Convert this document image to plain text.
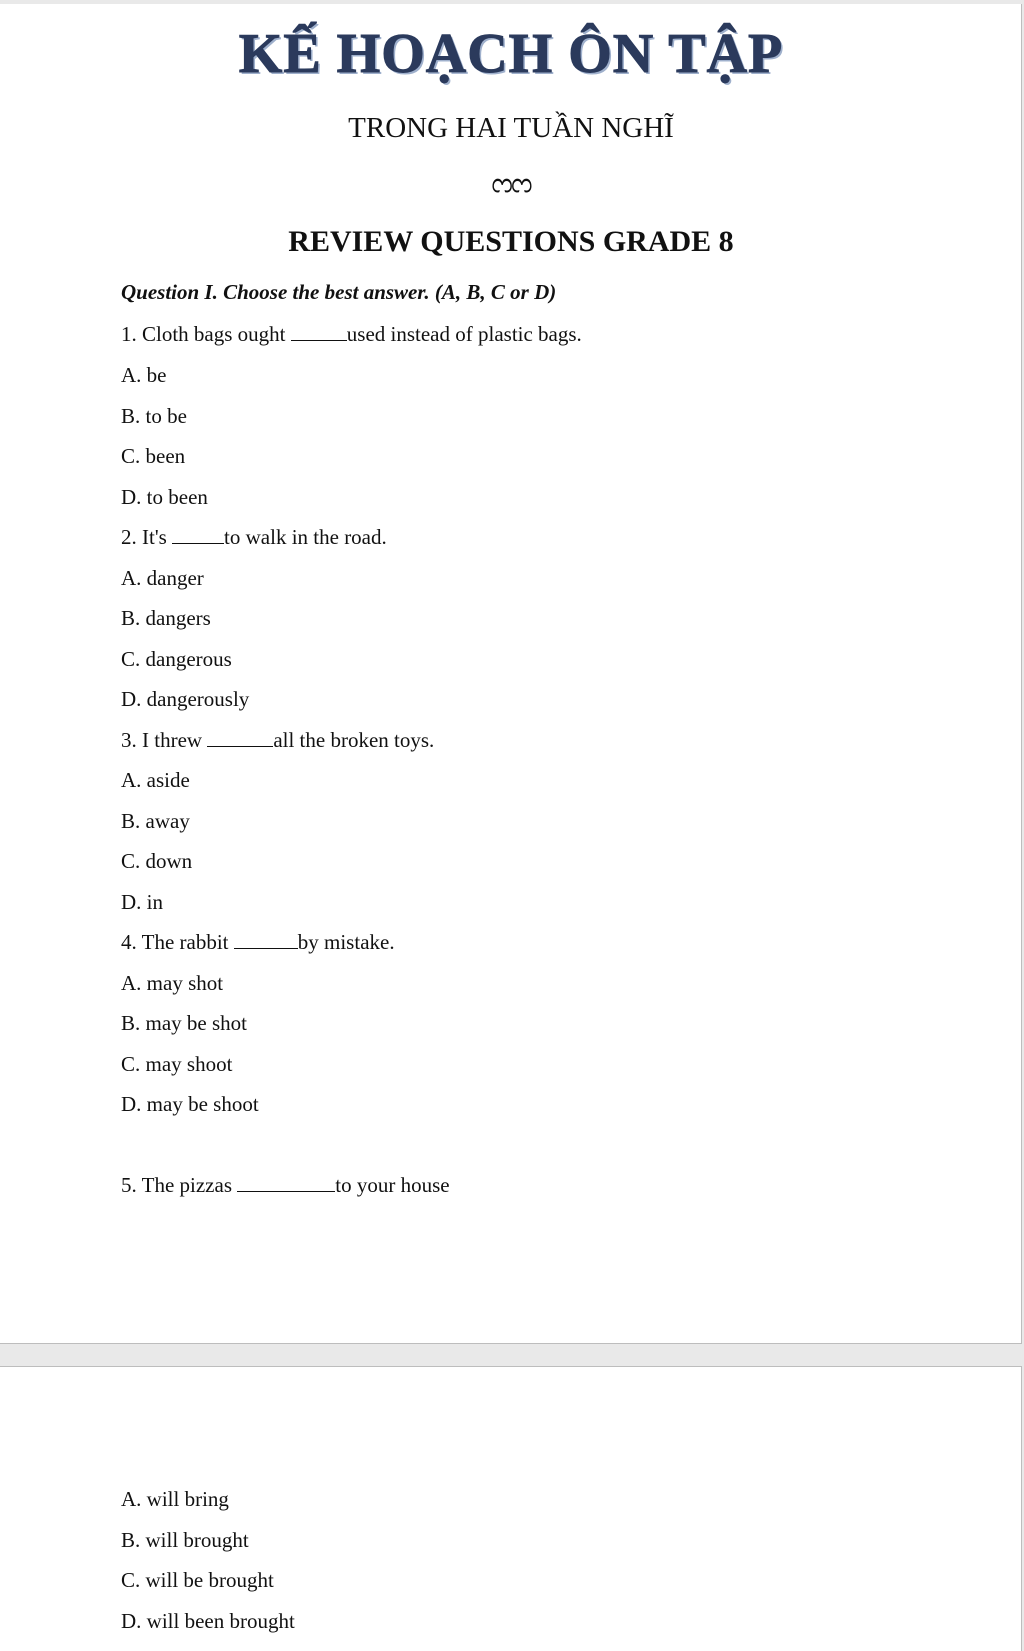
KẾ HOẠCH ÔN TẬP
TRONG HAI TUẦN NGHĨ
ᦂᦂ
REVIEW QUESTIONS GRADE 8
Question I. Choose the best answer. (A, B, C or D)
1. Cloth bags ought	used instead of plastic bags.
A. be
B. to be
C. been
D. to been
2. It's to walk in the road.
A. danger
B. dangers
C. dangerous
D. dangerously
3. I threw	all the broken toys.
A. aside
B. away
C. down
D. in
4. The rabbit	by mistake.
A. may shot
B. may be shot
C. may shoot
D. may be shoot
5. The pizzas	to your house
A. will bring
B. will brought
C. will be brought
D. will been brought
